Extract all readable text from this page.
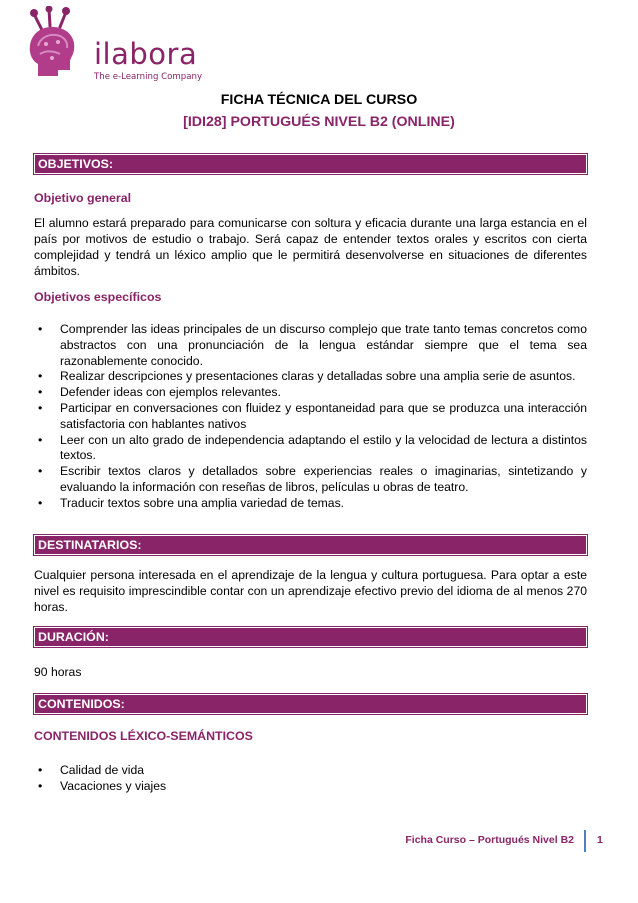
ilabora
The e-Learning Company
FICHA TÉCNICA DEL CURSO
[IDI28] PORTUGUÉS NIVEL B2 (ONLINE)
OBJETIVOS:
Objetivo general

El alumno estará preparado para comunicarse con soltura y eficacia durante una larga estancia en el país por motivos de estudio o trabajo. Será capaz de entender textos orales y escritos con cierta complejidad y tendrá un léxico amplio que le permitirá desenvolverse en situaciones de diferentes ámbitos.

Objetivos específicos
• Comprender las ideas principales de un discurso complejo que trate tanto temas concretos como abstractos con una pronunciación de la lengua estándar siempre que el tema sea razonablemente conocido.
• Realizar descripciones y presentaciones claras y detalladas sobre una amplia serie de asuntos.
• Defender ideas con ejemplos relevantes.
• Participar en conversaciones con fluidez y espontaneidad para que se produzca una interacción satisfactoria con hablantes nativos
• Leer con un alto grado de independencia adaptando el estilo y la velocidad de lectura a distintos textos.
• Escribir textos claros y detallados sobre experiencias reales o imaginarias, sintetizando y evaluando la información con reseñas de libros, películas u obras de teatro.
• Traducir textos sobre una amplia variedad de temas.
DESTINATARIOS:

Cualquier persona interesada en el aprendizaje de la lengua y cultura portuguesa. Para optar a este nivel es requisito imprescindible contar con un aprendizaje efectivo previo del idioma de al menos 270 horas.

DURACIÓN:

90 horas

CONTENIDOS:
CONTENIDOS LÉXICO-SEMÁNTICOS
• Calidad de vida
• Vacaciones y viajes
Ficha Curso – Portugués Nivel B2 1
